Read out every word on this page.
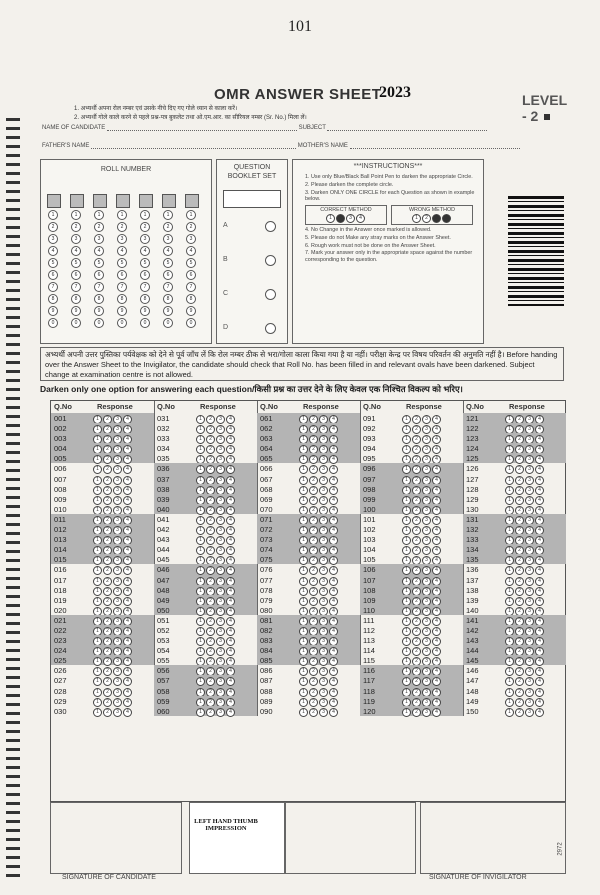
101
OMR ANSWER SHEET
2023	LEVEL - 2
1. अभ्यर्थी अपना रोल नम्बर एवं उसके नीचे दिए गए गोले ध्यान से काला करें।
2. अभ्यर्थी गोले काले करने से पहले प्रश्न-पत्र बुकलेट तथा ओ.एम.आर. का सीरियल नम्बर (Sr. No.) मिला लें।
NAME OF CANDIDATE	SUBJECT
FATHER'S NAME	MOTHER'S NAME
ROLL NUMBER
1
2
3
4
5
6
7
8
9
0
1
2
3
4
5
6
7
8
9
0
1
2
3
4
5
6
7
8
9
0
1
2
3
4
5
6
7
8
9
0
1
2
3
4
5
6
7
8
9
0
1
2
3
4
5
6
7
8
9
0
1
2
3
4
5
6
7
8
9
0
QUESTION
BOOKLET SET
A
B
C
D
***INSTRUCTIONS***
1. Use only Blue/Black Ball Point Pen to darken the appropriate Circle.
2. Please darken the complete circle.
3. Darken ONLY ONE CIRCLE for each Question as shown in example below.
CORRECT METHOD
1 2 3 4
WRONG METHOD
1 2 3 4
4. No Change in the Answer once marked is allowed.
5. Please do not Make any stray marks on the Answer Sheet.
6. Rough work must not be done on the Answer Sheet.
7. Mark your answer only in the appropriate space against the number corresponding to the question.
अभ्यर्थी अपनी उत्तर पुस्तिका पर्यवेक्षक को देने से पूर्व जाँच लें कि रोल नम्बर ठीक से भरा/गोला काला किया गया है या नहीं। परीक्षा केन्द्र पर विषय परिवर्तन की अनुमति नहीं है। Before handing over the Answer Sheet to the Invigilator, the candidate should check that Roll No. has been filled in and relevant ovals have been darkened. Subject change at examination centre is not allowed.
Darken only one option for answering each question/किसी प्रश्न का उत्तर देने के लिए केवल एक निश्चित विकल्प को भरिए।
Q.No	Response
001	1 2 3 4
002	1 2 3 4
003	1 2 3 4
004	1 2 3 4
005	1 2 3 4
006	1 2 3 4
007	1 2 3 4
008	1 2 3 4
009	1 2 3 4
010	1 2 3 4
011	1 2 3 4
012	1 2 3 4
013	1 2 3 4
014	1 2 3 4
015	1 2 3 4
016	1 2 3 4
017	1 2 3 4
018	1 2 3 4
019	1 2 3 4
020	1 2 3 4
021	1 2 3 4
022	1 2 3 4
023	1 2 3 4
024	1 2 3 4
025	1 2 3 4
026	1 2 3 4
027	1 2 3 4
028	1 2 3 4
029	1 2 3 4
030	1 2 3 4
Q.No	Response
031	1 2 3 4
032	1 2 3 4
033	1 2 3 4
034	1 2 3 4
035	1 2 3 4
036	1 2 3 4
037	1 2 3 4
038	1 2 3 4
039	1 2 3 4
040	1 2 3 4
041	1 2 3 4
042	1 2 3 4
043	1 2 3 4
044	1 2 3 4
045	1 2 3 4
046	1 2 3 4
047	1 2 3 4
048	1 2 3 4
049	1 2 3 4
050	1 2 3 4
051	1 2 3 4
052	1 2 3 4
053	1 2 3 4
054	1 2 3 4
055	1 2 3 4
056	1 2 3 4
057	1 2 3 4
058	1 2 3 4
059	1 2 3 4
060	1 2 3 4
Q.No	Response
061	1 2 3 4
062	1 2 3 4
063	1 2 3 4
064	1 2 3 4
065	1 2 3 4
066	1 2 3 4
067	1 2 3 4
068	1 2 3 4
069	1 2 3 4
070	1 2 3 4
071	1 2 3 4
072	1 2 3 4
073	1 2 3 4
074	1 2 3 4
075	1 2 3 4
076	1 2 3 4
077	1 2 3 4
078	1 2 3 4
079	1 2 3 4
080	1 2 3 4
081	1 2 3 4
082	1 2 3 4
083	1 2 3 4
084	1 2 3 4
085	1 2 3 4
086	1 2 3 4
087	1 2 3 4
088	1 2 3 4
089	1 2 3 4
090	1 2 3 4
Q.No	Response
091	1 2 3 4
092	1 2 3 4
093	1 2 3 4
094	1 2 3 4
095	1 2 3 4
096	1 2 3 4
097	1 2 3 4
098	1 2 3 4
099	1 2 3 4
100	1 2 3 4
101	1 2 3 4
102	1 2 3 4
103	1 2 3 4
104	1 2 3 4
105	1 2 3 4
106	1 2 3 4
107	1 2 3 4
108	1 2 3 4
109	1 2 3 4
110	1 2 3 4
111	1 2 3 4
112	1 2 3 4
113	1 2 3 4
114	1 2 3 4
115	1 2 3 4
116	1 2 3 4
117	1 2 3 4
118	1 2 3 4
119	1 2 3 4
120	1 2 3 4
Q.No	Response
121	1 2 3 4
122	1 2 3 4
123	1 2 3 4
124	1 2 3 4
125	1 2 3 4
126	1 2 3 4
127	1 2 3 4
128	1 2 3 4
129	1 2 3 4
130	1 2 3 4
131	1 2 3 4
132	1 2 3 4
133	1 2 3 4
134	1 2 3 4
135	1 2 3 4
136	1 2 3 4
137	1 2 3 4
138	1 2 3 4
139	1 2 3 4
140	1 2 3 4
141	1 2 3 4
142	1 2 3 4
143	1 2 3 4
144	1 2 3 4
145	1 2 3 4
146	1 2 3 4
147	1 2 3 4
148	1 2 3 4
149	1 2 3 4
150	1 2 3 4
LEFT HAND THUMB IMPRESSION
SIGNATURE OF CANDIDATE	SIGNATURE OF INVIGILATOR
2972
